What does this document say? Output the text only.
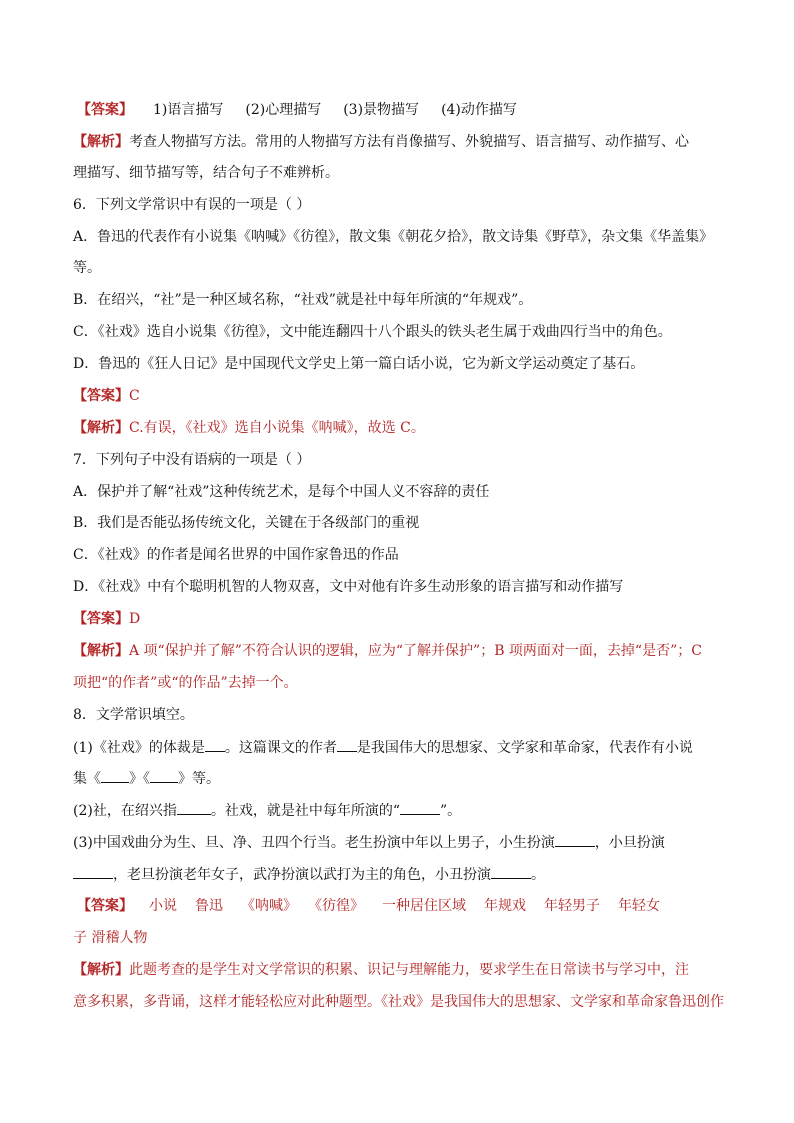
【答案】 1)语言描写 (2)心理描写 (3)景物描写 (4)动作描写
【解析】考查人物描写方法。常用的人物描写方法有肖像描写、外貌描写、语言描写、动作描写、心
理描写、细节描写等，结合句子不难辨析。
6．下列文学常识中有误的一项是（ ）
A．鲁迅的代表作有小说集《呐喊》《彷徨》，散文集《朝花夕拾》，散文诗集《野草》，杂文集《华盖集》
等。
B．在绍兴，“社”是一种区域名称，“社戏”就是社中每年所演的“年规戏”。
C．《社戏》选自小说集《彷徨》，文中能连翻四十八个跟头的铁头老生属于戏曲四行当中的角色。
D．鲁迅的《狂人日记》是中国现代文学史上第一篇白话小说，它为新文学运动奠定了基石。
【答案】C
【解析】C.有误，《社戏》选自小说集《呐喊》，故选 C。
7．下列句子中没有语病的一项是（ ）
A．保护并了解“社戏”这种传统艺术，是每个中国人义不容辞的责任
B．我们是否能弘扬传统文化，关键在于各级部门的重视
C．《社戏》的作者是闻名世界的中国作家鲁迅的作品
D．《社戏》中有个聪明机智的人物双喜，文中对他有许多生动形象的语言描写和动作描写
【答案】D
【解析】A 项“保护并了解”不符合认识的逻辑，应为“了解并保护”；B 项两面对一面，去掉“是否”；C
项把“的作者”或“的作品”去掉一个。
8．文学常识填空。
(1)《社戏》的体裁是 。这篇课文的作者 是我国伟大的思想家、文学家和革命家，代表作有小说
集《 》《 》等。
(2)社，在绍兴指 。社戏，就是社中每年所演的“	”。
(3)中国戏曲分为生、旦、净、丑四个行当。老生扮演中年以上男子，小生扮演	，小旦扮演
，老旦扮演老年女子，武净扮演以武打为主的角色，小丑扮演	。
【答案】 小说 鲁迅 《呐喊》 《彷徨》 一种居住区域 年规戏 年轻男子 年轻女
子 滑稽人物
【解析】此题考查的是学生对文学常识的积累、识记与理解能力，要求学生在日常读书与学习中，注
意多积累，多背诵，这样才能轻松应对此种题型。《社戏》是我国伟大的思想家、文学家和革命家鲁迅创作
